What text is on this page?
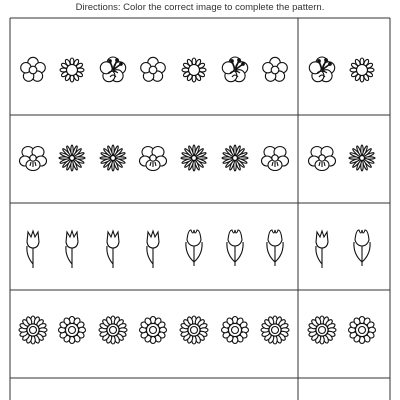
Directions: Color the correct image to complete the pattern.
